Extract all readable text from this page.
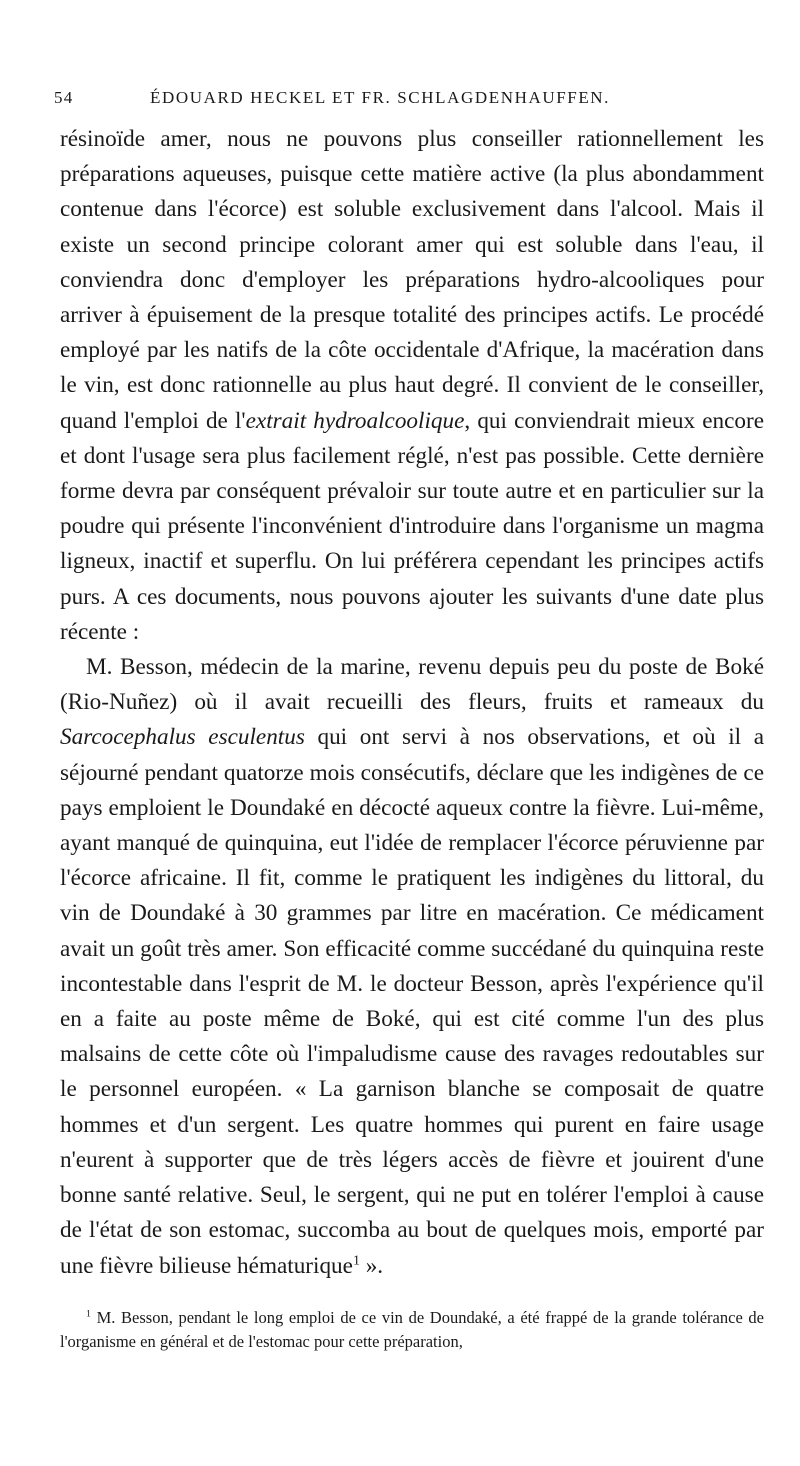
54	ÉDOUARD HECKEL ET FR. SCHLAGDENHAUFFEN.

résinoïde amer, nous ne pouvons plus conseiller rationnellement les préparations aqueuses, puisque cette matière active (la plus abondamment contenue dans l'écorce) est soluble exclusivement dans l'alcool. Mais il existe un second principe colorant amer qui est soluble dans l'eau, il conviendra donc d'employer les préparations hydro-alcooliques pour arriver à épuisement de la presque totalité des principes actifs. Le procédé employé par les natifs de la côte occidentale d'Afrique, la macération dans le vin, est donc rationnelle au plus haut degré. Il convient de le conseiller, quand l'emploi de l'extrait hydroalcoolique, qui conviendrait mieux encore et dont l'usage sera plus facilement réglé, n'est pas possible. Cette dernière forme devra par conséquent prévaloir sur toute autre et en particulier sur la poudre qui présente l'inconvénient d'introduire dans l'organisme un magma ligneux, inactif et superflu. On lui préférera cependant les principes actifs purs. A ces documents, nous pouvons ajouter les suivants d'une date plus récente :

M. Besson, médecin de la marine, revenu depuis peu du poste de Boké (Rio-Nuñez) où il avait recueilli des fleurs, fruits et rameaux du Sarcocephalus esculentus qui ont servi à nos observations, et où il a séjourné pendant quatorze mois consécutifs, déclare que les indigènes de ce pays emploient le Doundaké en décocté aqueux contre la fièvre. Lui-même, ayant manqué de quinquina, eut l'idée de remplacer l'écorce péruvienne par l'écorce africaine. Il fit, comme le pratiquent les indigènes du littoral, du vin de Doundaké à 30 grammes par litre en macération. Ce médicament avait un goût très amer. Son efficacité comme succédané du quinquina reste incontestable dans l'esprit de M. le docteur Besson, après l'expérience qu'il en a faite au poste même de Boké, qui est cité comme l'un des plus malsains de cette côte où l'impaludisme cause des ravages redoutables sur le personnel européen. « La garnison blanche se composait de quatre hommes et d'un sergent. Les quatre hommes qui purent en faire usage n'eurent à supporter que de très légers accès de fièvre et jouirent d'une bonne santé relative. Seul, le sergent, qui ne put en tolérer l'emploi à cause de l'état de son estomac, succomba au bout de quelques mois, emporté par une fièvre bilieuse hématurique$^1$ ».

$^1$ M. Besson, pendant le long emploi de ce vin de Doundaké, a été frappé de la grande tolérance de l'organisme en général et de l'estomac pour cette préparation,
